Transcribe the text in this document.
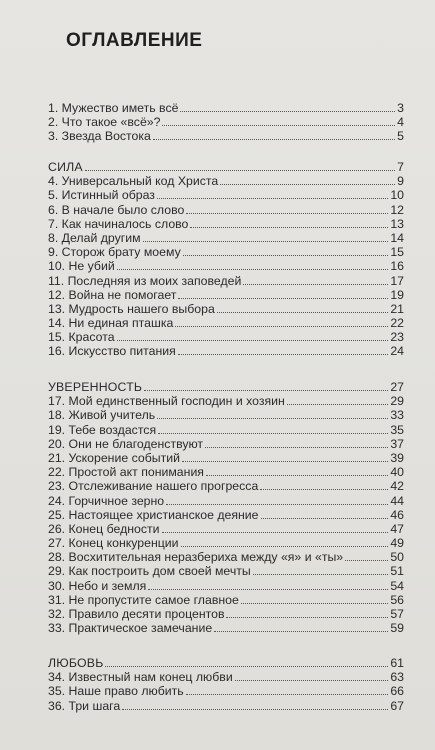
ОГЛАВЛЕНИЕ
1. Мужество иметь всё	3
2. Что такое «всё»?	4
3. Звезда Востока	5
СИЛА	7
4. Универсальный код Христа	9
5. Истинный образ	10
6. В начале было слово	12
7. Как начиналось слово	13
8. Делай другим	14
9. Сторож брату моему	15
10. Не убий	16
11. Последняя из моих заповедей	17
12. Война не помогает	19
13. Мудрость нашего выбора	21
14. Ни единая пташка	22
15. Красота	23
16. Искусство питания	24
УВЕРЕННОСТЬ	27
17. Мой единственный господин и хозяин	29
18. Живой учитель	33
19. Тебе воздастся	35
20. Они не благоденствуют	37
21. Ускорение событий	39
22. Простой акт понимания	40
23. Отслеживание нашего прогресса	42
24. Горчичное зерно	44
25. Настоящее христианское деяние	46
26. Конец бедности	47
27. Конец конкуренции	49
28. Восхитительная неразбериха между «я» и «ты»	50
29. Как построить дом своей мечты	51
30. Небо и земля	54
31. Не пропустите самое главное	56
32. Правило десяти процентов	57
33. Практическое замечание	59
ЛЮБОВЬ	61
34. Известный нам конец любви	63
35. Наше право любить	66
36. Три шага	67
